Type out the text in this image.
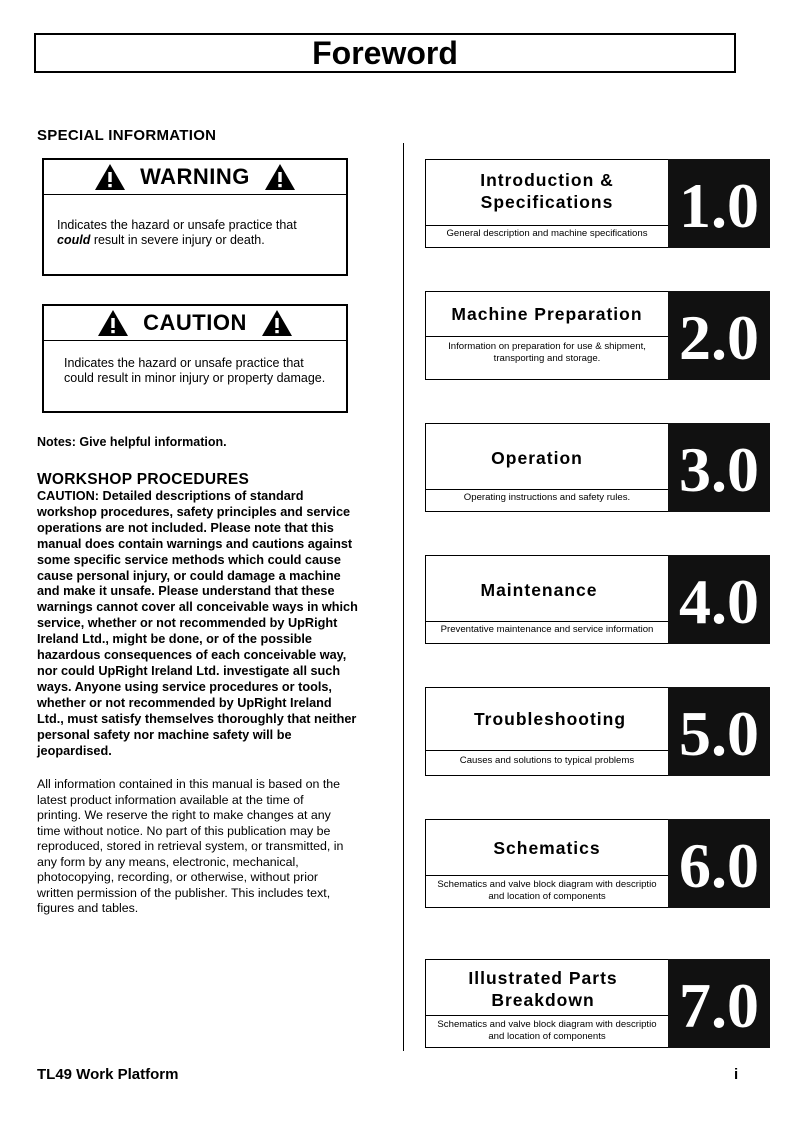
Foreword
SPECIAL INFORMATION
WARNING
Indicates the hazard or unsafe practice that
could result in severe injury or death.
CAUTION
Indicates the hazard or unsafe practice that
could result in minor injury or property damage.
Notes: Give helpful information.
WORKSHOP PROCEDURES
CAUTION: Detailed descriptions of standard
workshop procedures, safety principles and service
operations are not included. Please note that this
manual does contain warnings and cautions against
some specific service methods which could cause
cause personal injury, or could damage a machine
and make it unsafe. Please understand that these
warnings cannot cover all conceivable ways in which
service, whether or not recommended by UpRight
Ireland Ltd., might be done, or of the possible
hazardous consequences of each conceivable way,
nor could UpRight Ireland Ltd. investigate all such
ways. Anyone using service procedures or tools,
whether or not recommended by UpRight Ireland
Ltd., must satisfy themselves thoroughly that neither
personal safety nor machine safety will be
jeopardised.
All information contained in this manual is based on the
latest product information available at the time of
printing. We reserve the right to make changes at any
time without notice. No part of this publication may be
reproduced, stored in retrieval system, or transmitted, in
any form by any means, electronic, mechanical,
photocopying, recording, or otherwise, without prior
written permission of the publisher. This includes text,
figures and tables.
Introduction &
Specifications
General description and machine specifications 1.0
Machine Preparation
Information on preparation for use & shipment,
transporting and storage.	2.0
Operation
Operating instructions and safety rules. 3.0
Maintenance
Preventative maintenance and service information 4.0
Troubleshooting
Causes and solutions to typical problems 5.0
Schematics
Schematics and valve block diagram with descriptio
and location of components	6.0
Illustrated Parts
Breakdown
Schematics and valve block diagram with descriptio
and location of components	7.0
TL49 Work Platform	i
